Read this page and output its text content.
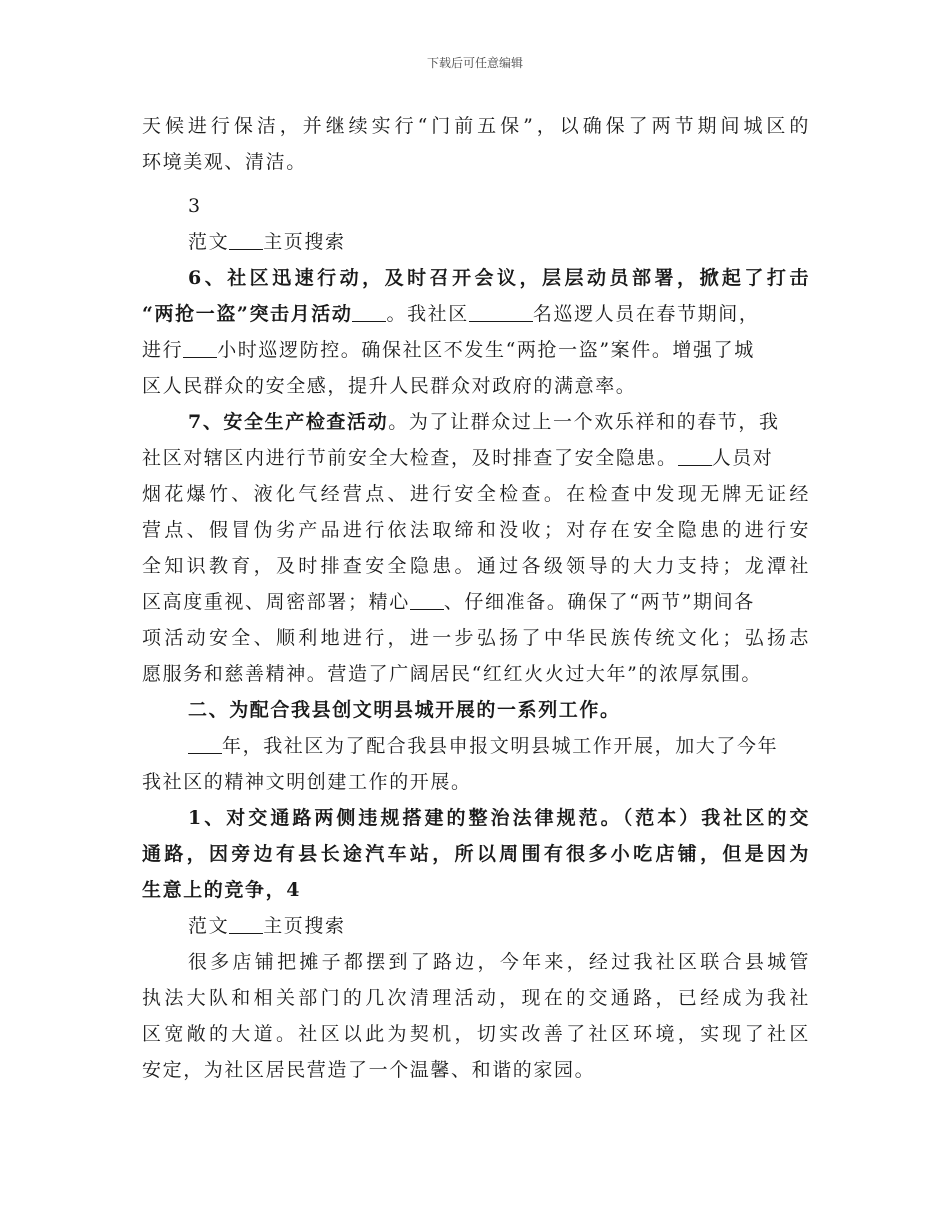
下载后可任意编辑
天候进行保洁，并继续实行“门前五保”，以确保了两节期间城区的
环境美观、清洁。
3
范文 主页搜索
6、社区迅速行动，及时召开会议，层层动员部署，掀起了打击
“两抢一盗”突击月活动 。我社区	名巡逻人员在春节期间，
进行 小时巡逻防控。确保社区不发生“两抢一盗”案件。增强了城
区人民群众的安全感，提升人民群众对政府的满意率。
7、安全生产检查活动。为了让群众过上一个欢乐祥和的春节，我
社区对辖区内进行节前安全大检查，及时排查了安全隐患。 人员对
烟花爆竹、液化气经营点、进行安全检查。在检查中发现无牌无证经
营点、假冒伪劣产品进行依法取缔和没收；对存在安全隐患的进行安
全知识教育，及时排查安全隐患。通过各级领导的大力支持；龙潭社
区高度重视、周密部署；精心 、仔细准备。确保了“两节”期间各
项活动安全、顺利地进行，进一步弘扬了中华民族传统文化；弘扬志
愿服务和慈善精神。营造了广阔居民“红红火火过大年”的浓厚氛围。
二、为配合我县创文明县城开展的一系列工作。
年，我社区为了配合我县申报文明县城工作开展，加大了今年
我社区的精神文明创建工作的开展。
1、对交通路两侧违规搭建的整治法律规范。（范本）我社区的交
通路，因旁边有县长途汽车站，所以周围有很多小吃店铺，但是因为
生意上的竞争，4
范文 主页搜索
很多店铺把摊子都摆到了路边，今年来，经过我社区联合县城管
执法大队和相关部门的几次清理活动，现在的交通路，已经成为我社
区宽敞的大道。社区以此为契机，切实改善了社区环境，实现了社区
安定，为社区居民营造了一个温馨、和谐的家园。
